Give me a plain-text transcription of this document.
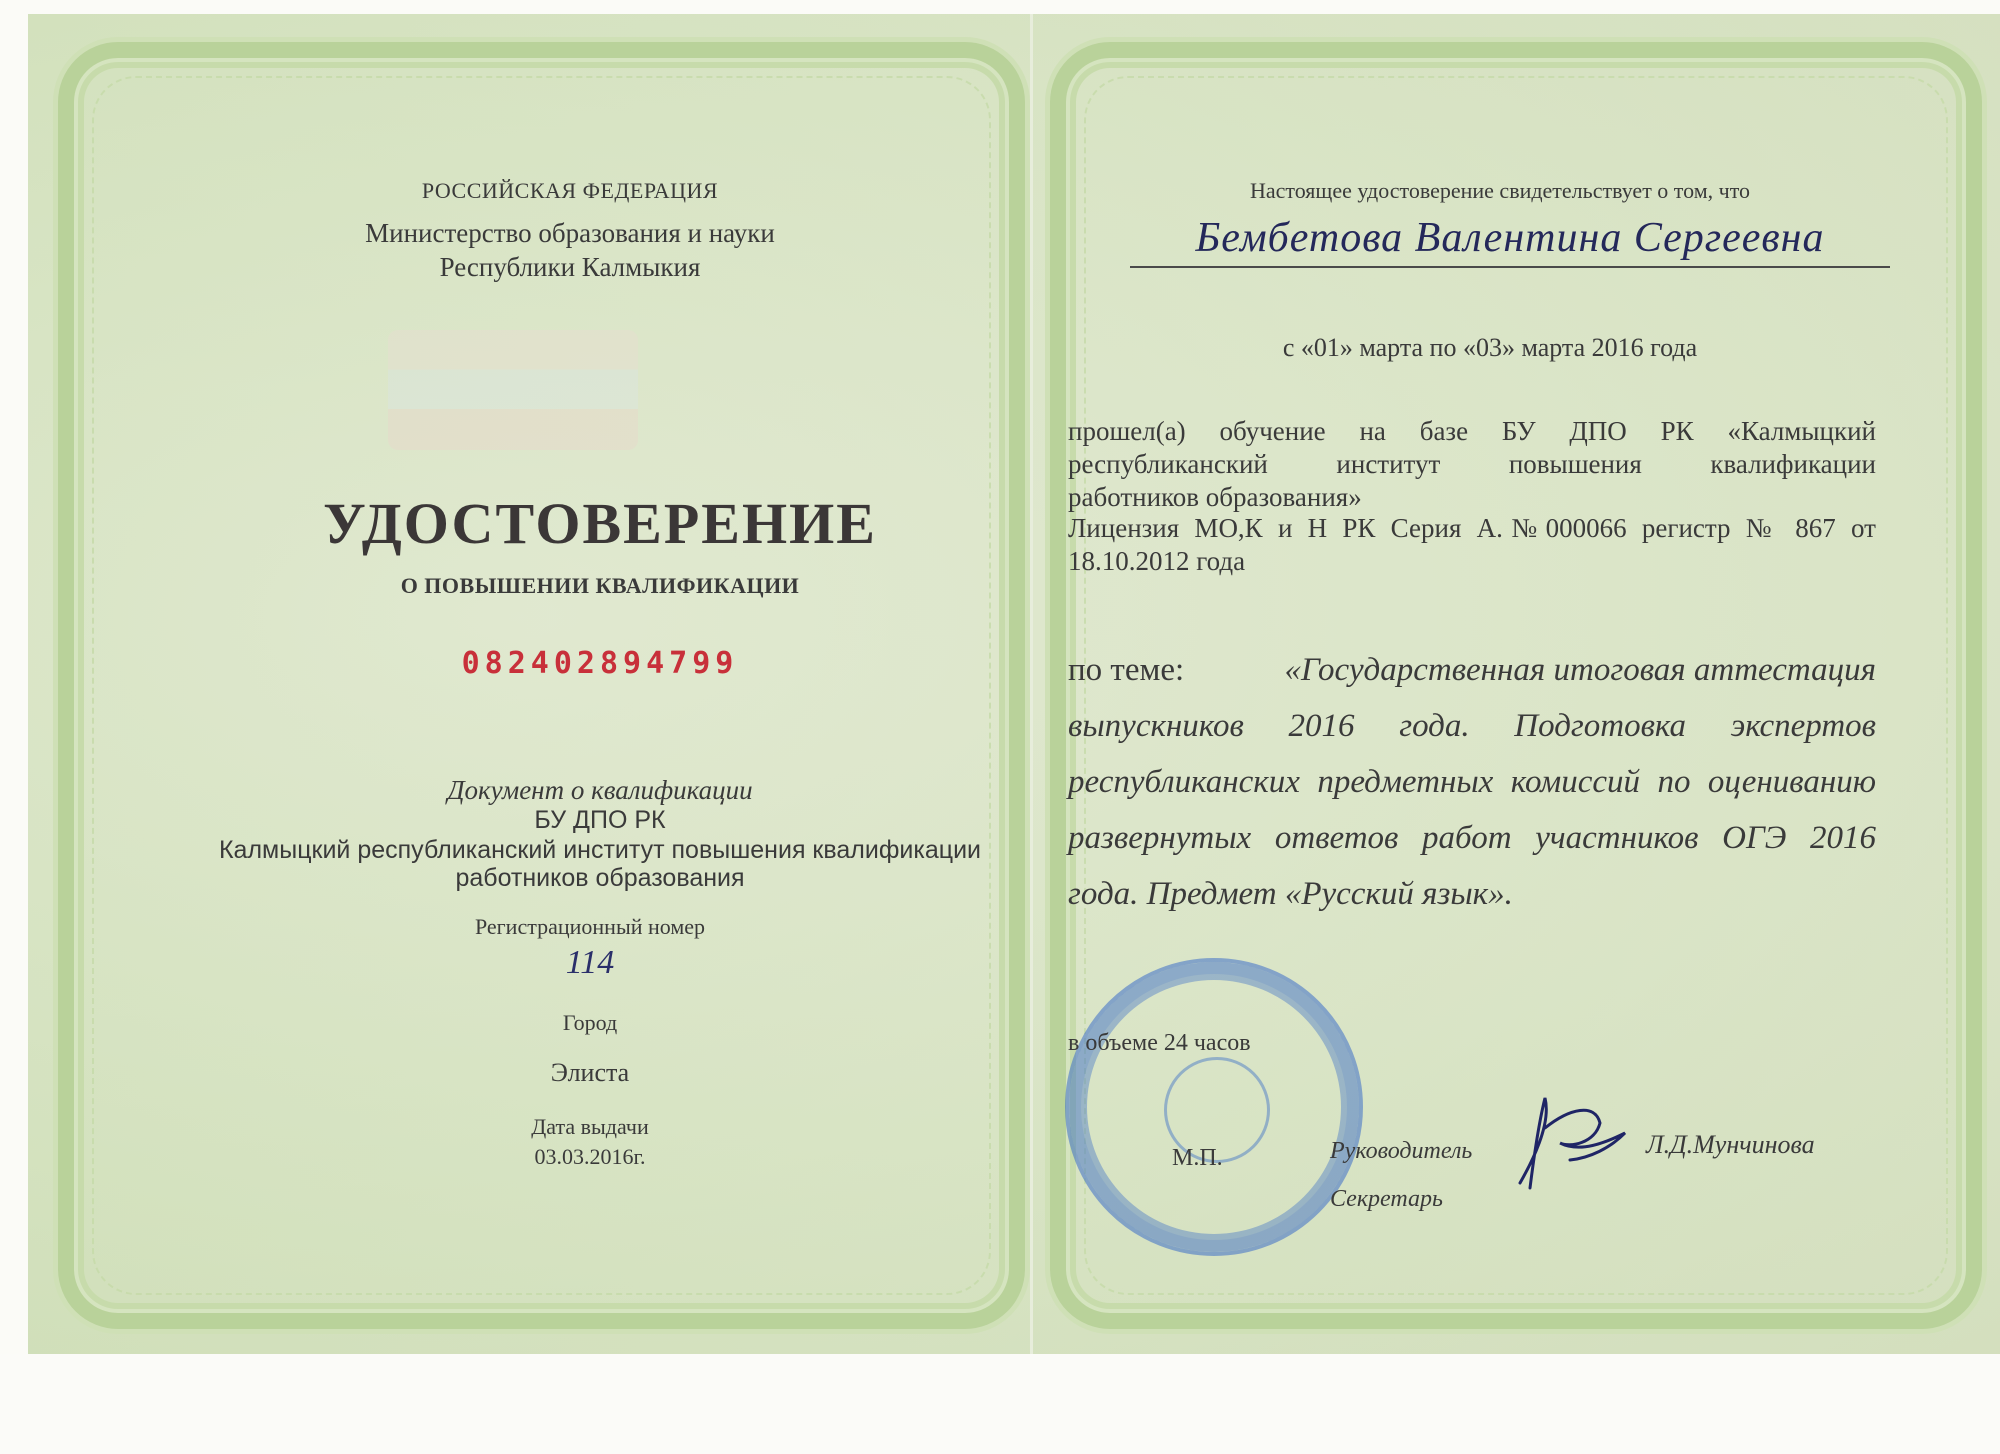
РОССИЙСКАЯ ФЕДЕРАЦИЯ
Министерство образования и науки
Республики Калмыкия
УДОСТОВЕРЕНИЕ
О ПОВЫШЕНИИ КВАЛИФИКАЦИИ
082402894799
Документ о квалификации
БУ ДПО РК
Калмыцкий республиканский институт повышения квалификации
работников образования
Регистрационный номер
114
Город
Элиста
Дата выдачи
03.03.2016г.
Настоящее удостоверение свидетельствует о том, что
Бембетова Валентина Сергеевна
с «01» марта по «03» марта 2016 года
прошел(а) обучение на базе БУ ДПО РК «Калмыцкий
республиканский институт повышения квалификации
работников образования»
Лицензия МО,К и Н РК Серия А.№000066 регистр № 867 от
18.10.2012 года
по теме:	«Государственная итоговая аттестация
выпускников 2016 года. Подготовка экспертов
республиканских предметных комиссий по оцениванию
развернутых ответов работ участников ОГЭ 2016
года. Предмет «Русский язык».
в объеме 24 часов
М.П.	Руководитель
Секретарь
Л.Д.Мунчинова
